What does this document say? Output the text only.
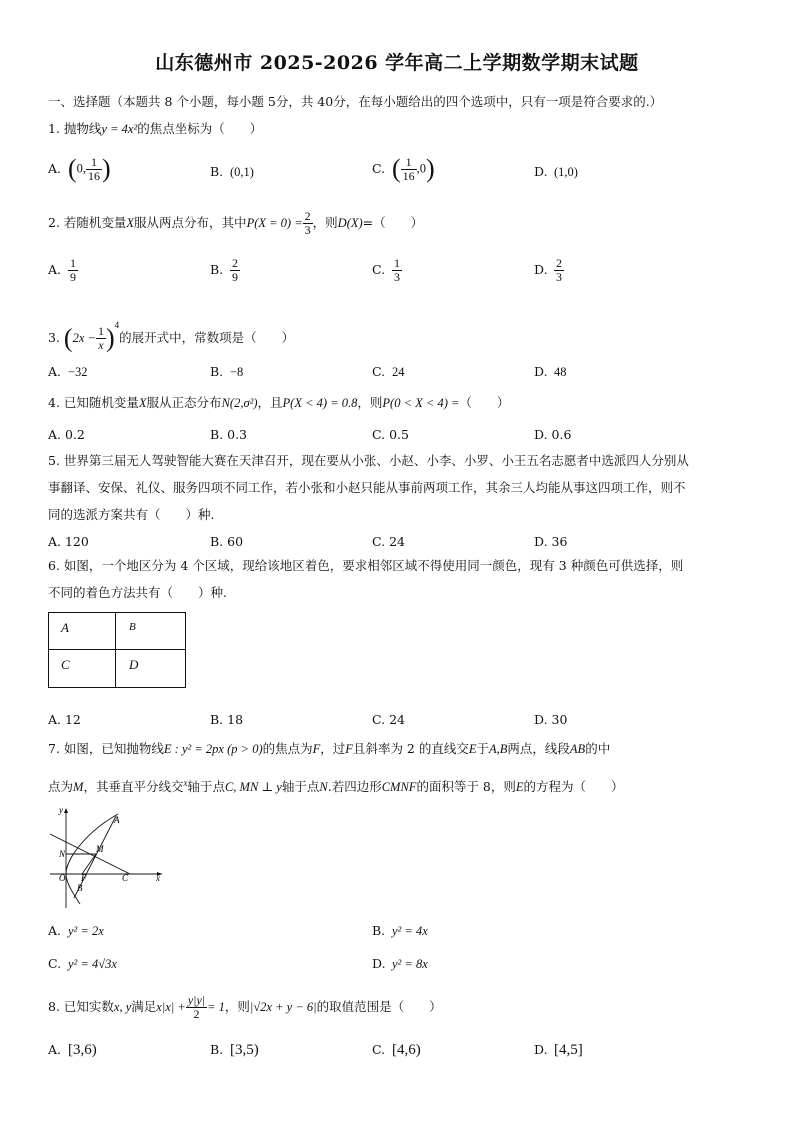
山东德州市 2025-2026 学年高二上学期数学期末试题
一、选择题（本题共 8 个小题，每小题 5分，共 40分，在每小题给出的四个选项中，只有一项是符合要求的.）
1. 抛物线y = 4x²的焦点坐标为（　　）
A. (0, $\frac{1}{16}$ )	B. (0,1)	C. ( $\frac{1}{16} ,0$)	D. (1,0)
2. 若随机变量X服从两点分布，其中$P(X = 0) = \frac{2}{3}$ ，则D(X)=（　　）
A. $\frac{1}{9}$	B. $\frac{2}{9}$	C. $\frac{1}{3}$	D. $\frac{2}{3}$
3. $(2x - \frac{1}{x} )^4$的展开式中，常数项是（　　）
A. −32	B. −8	C. 24	D. 48
4. 已知随机变量X服从正态分布N(2,σ²)，且P(X < 4) = 0.8，则P(0 < X < 4) =（　　）
A. 0.2	B. 0.3	C. 0.5	D. 0.6
5. 世界第三届无人驾驶智能大赛在天津召开，现在要从小张、小赵、小李、小罗、小王五名志愿者中选派四人分别从
事翻译、安保、礼仪、服务四项不同工作，若小张和小赵只能从事前两项工作，其余三人均能从事这四项工作，则不
同的选派方案共有（　　）种.
A. 120	B. 60	C. 24	D. 36
6. 如图，一个地区分为 4 个区域，现给该地区着色，要求相邻区域不得使用同一颜色，现有 3 种颜色可供选择，则
不同的着色方法共有（　　）种.
A	B
C	D
A. 12	B. 18	C. 24	D. 30
7. 如图，已知抛物线E : y² = 2px (p > 0)的焦点为F，过F且斜率为 2 的直线交E于A,B两点，线段AB的中
点为M，其垂直平分线交$^x$轴于点C, MN ⊥ y轴于点N.若四边形CMNF的面积等于 8，则E的方程为（　　）
y
A
M
N
O F
B
C	x
A. y² = 2x	B. y² = 4x
C. y² = 4√3x	D. y² = 8x
8. 已知实数x, y满足$x|x| + \frac{y|y|}{2} = 1$，则|√2x + y − 6|的取值范围是（　　）
A. [3,6)	B. [3,5)	C. [4,6)	D. [4,5]
